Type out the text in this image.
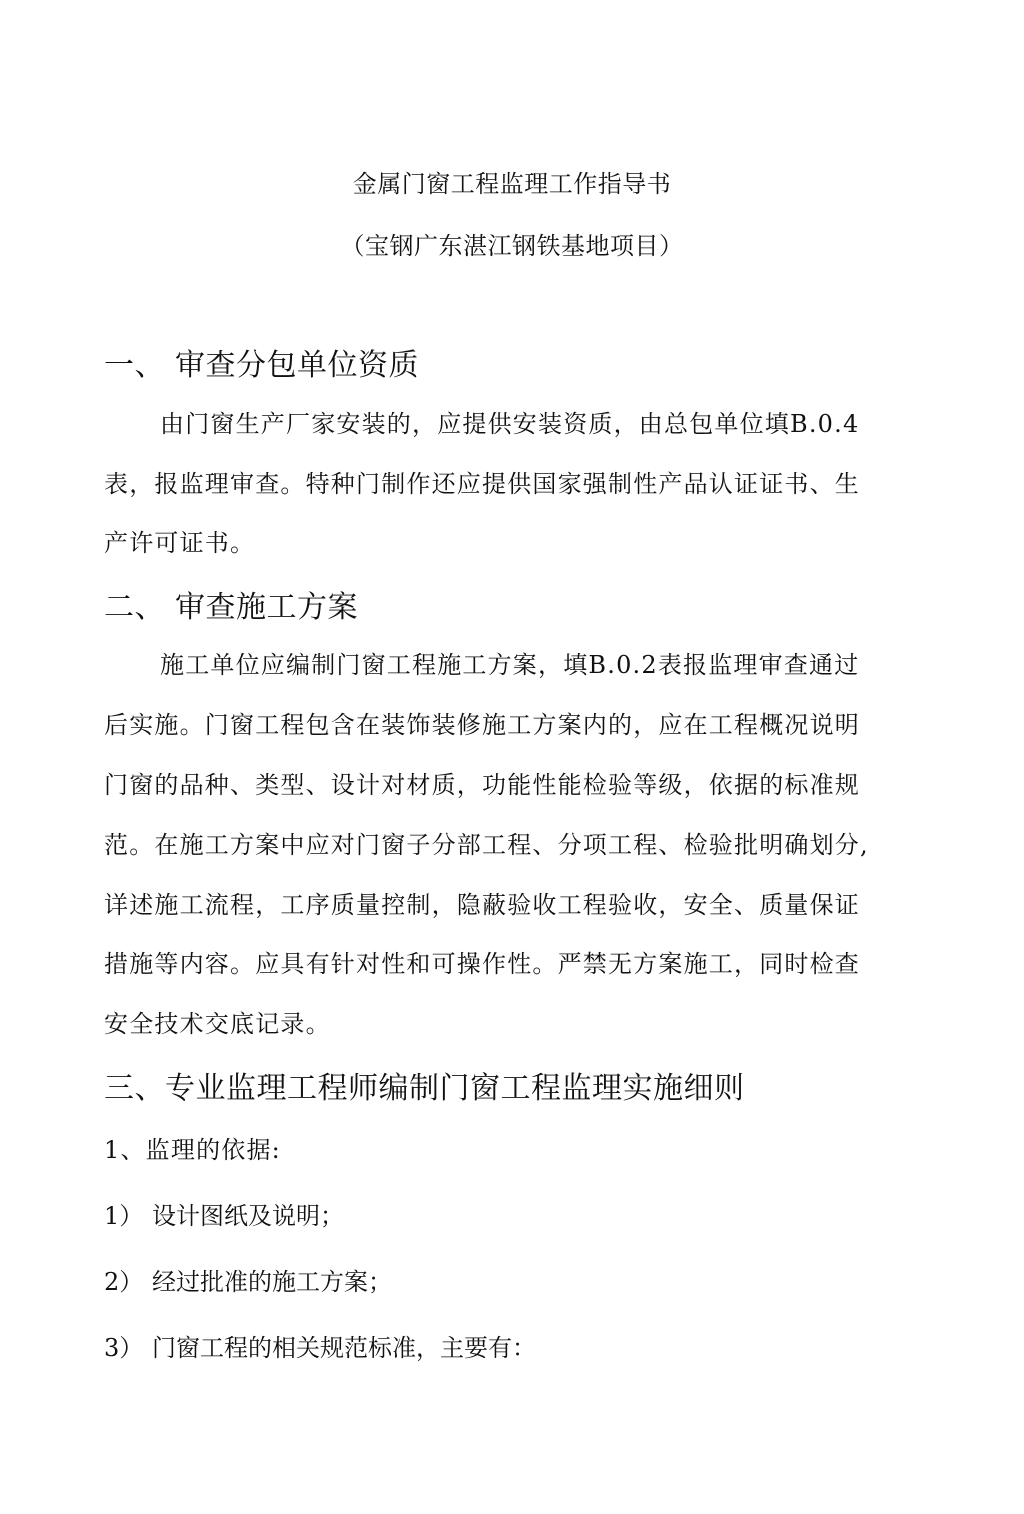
金属门窗工程监理工作指导书

（宝钢广东湛江钢铁基地项目）

一、 审查分包单位资质

由门窗生产厂家安装的，应提供安装资质，由总包单位填B.0.4

表，报监理审查。特种门制作还应提供国家强制性产品认证证书、生

产许可证书。

二、 审查施工方案

施工单位应编制门窗工程施工方案，填B.0.2表报监理审查通过

后实施。门窗工程包含在装饰装修施工方案内的，应在工程概况说明

门窗的品种、类型、设计对材质，功能性能检验等级，依据的标准规

范。在施工方案中应对门窗子分部工程、分项工程、检验批明确划分,

详述施工流程，工序质量控制，隐蔽验收工程验收，安全、质量保证

措施等内容。应具有针对性和可操作性。严禁无方案施工，同时检查

安全技术交底记录。

三、专业监理工程师编制门窗工程监理实施细则

1、监理的依据:

1） 设计图纸及说明；

2） 经过批准的施工方案；

3） 门窗工程的相关规范标准，主要有：
